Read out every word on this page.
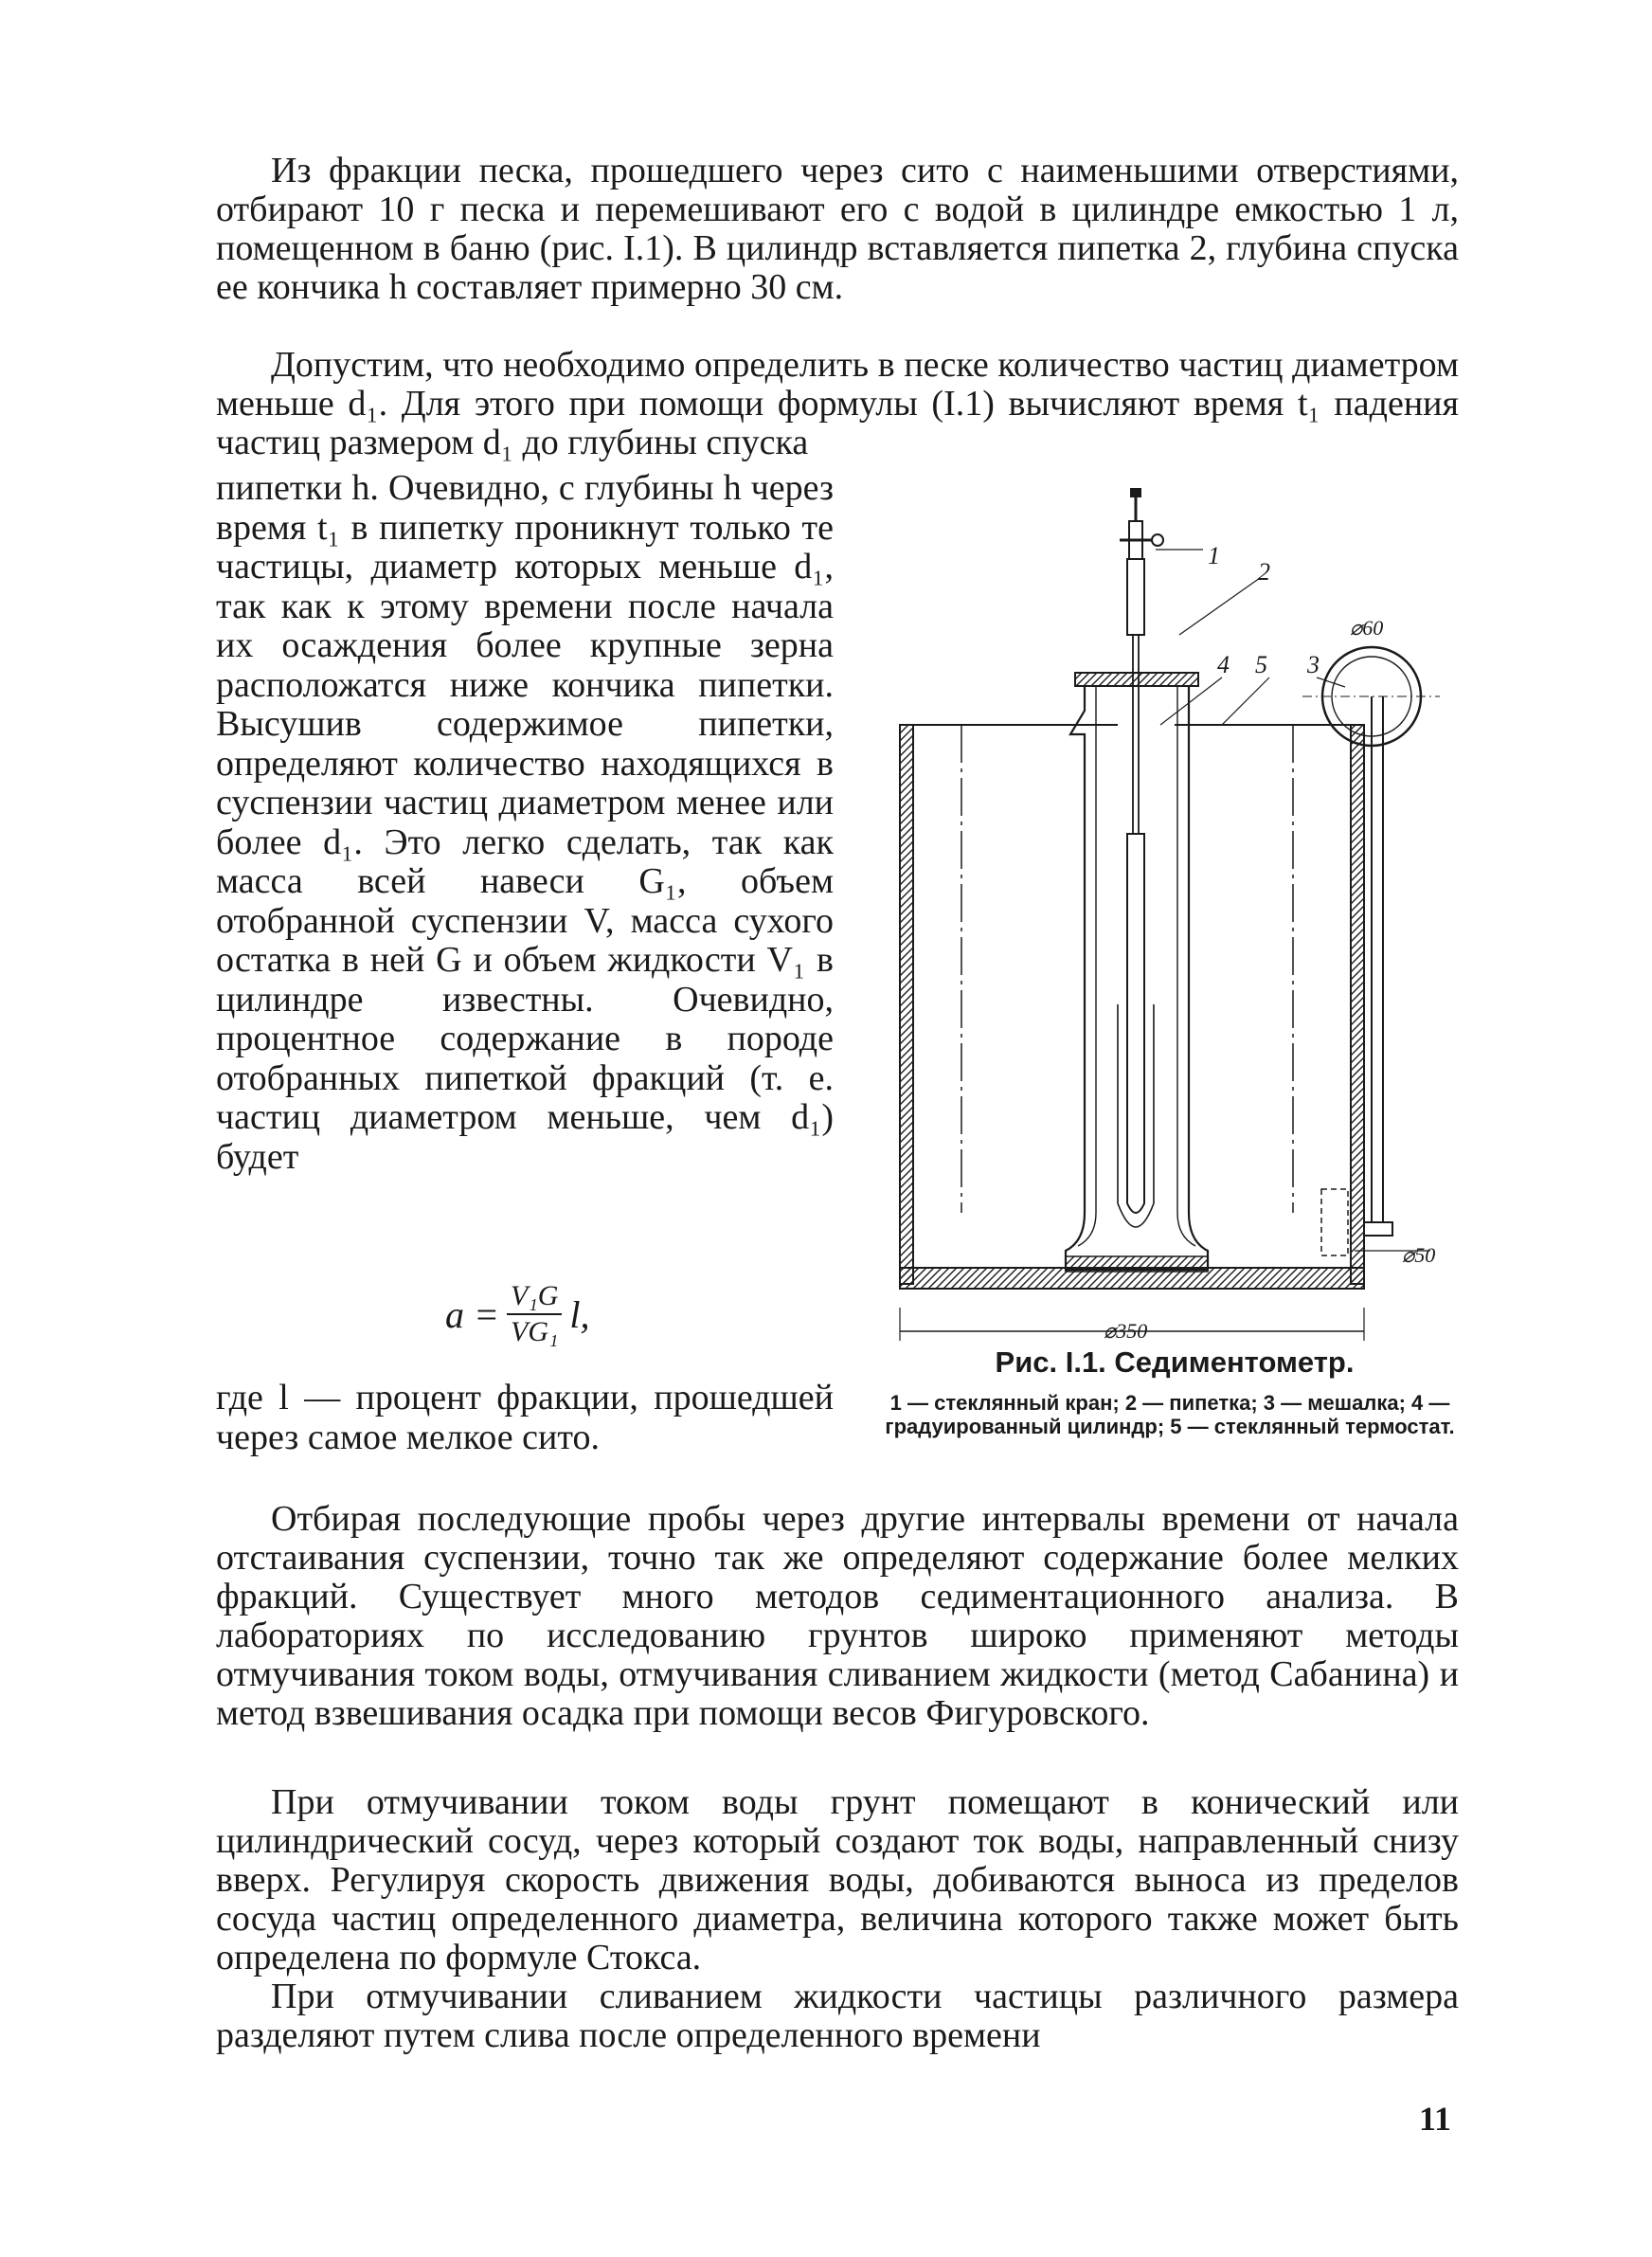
Из фракции песка, прошедшего через сито с наименьшими отверстиями, отбирают 10 г песка и перемешивают его с водой в цилиндре емкостью 1 л, помещенном в баню (рис. I.1). В цилиндр вставляется пипетка 2, глубина спуска ее кончика h составляет примерно 30 см.

Допустим, что необходимо определить в песке количество частиц диаметром меньше d₁. Для этого при помощи формулы (I.1) вычисляют время t₁ падения частиц размером d₁ до глубины спуска

пипетки h. Очевидно, с глубины h через время t₁ в пипетку проникнут только те частицы, диаметр которых меньше d₁, так как к этому времени после начала их осаждения более крупные зерна расположатся ниже кончика пипетки. Высушив содержимое пипетки, определяют количество находящихся в суспензии частиц диаметром менее или более d₁. Это легко сделать, так как масса всей навеси G₁, объем отобранной суспензии V, масса сухого остатка в ней G и объем жидкости V₁ в цилиндре известны. Очевидно, процентное содержание в породе отобранных пипеткой фракций (т. е. частиц диаметром меньше, чем d₁) будет

$a = \frac{\text{V₁G}}{\text{VG₁}} l$,

где l — процент фракции, прошедшей через самое мелкое сито.

1
2
4 5 3
⌀60
⌀50
⌀350
Рис. I.1. Седиментометр.
1 — стеклянный кран; 2 — пипетка; 3 — мешалка; 4 — градуированный цилиндр; 5 — стеклянный термостат.

Отбирая последующие пробы через другие интервалы времени от начала отстаивания суспензии, точно так же определяют содержание более мелких фракций. Существует много методов седиментационного анализа. В лабораториях по исследованию грунтов широко применяют методы отмучивания током воды, отмучивания сливанием жидкости (метод Сабанина) и метод взвешивания осадка при помощи весов Фигуровского.

При отмучивании током воды грунт помещают в конический или цилиндрический сосуд, через который создают ток воды, направленный снизу вверх. Регулируя скорость движения воды, добиваются выноса из пределов сосуда частиц определенного диаметра, величина которого также может быть определена по формуле Стокса.

При отмучивании сливанием жидкости частицы различного размера разделяют путем слива после определенного времени

11
